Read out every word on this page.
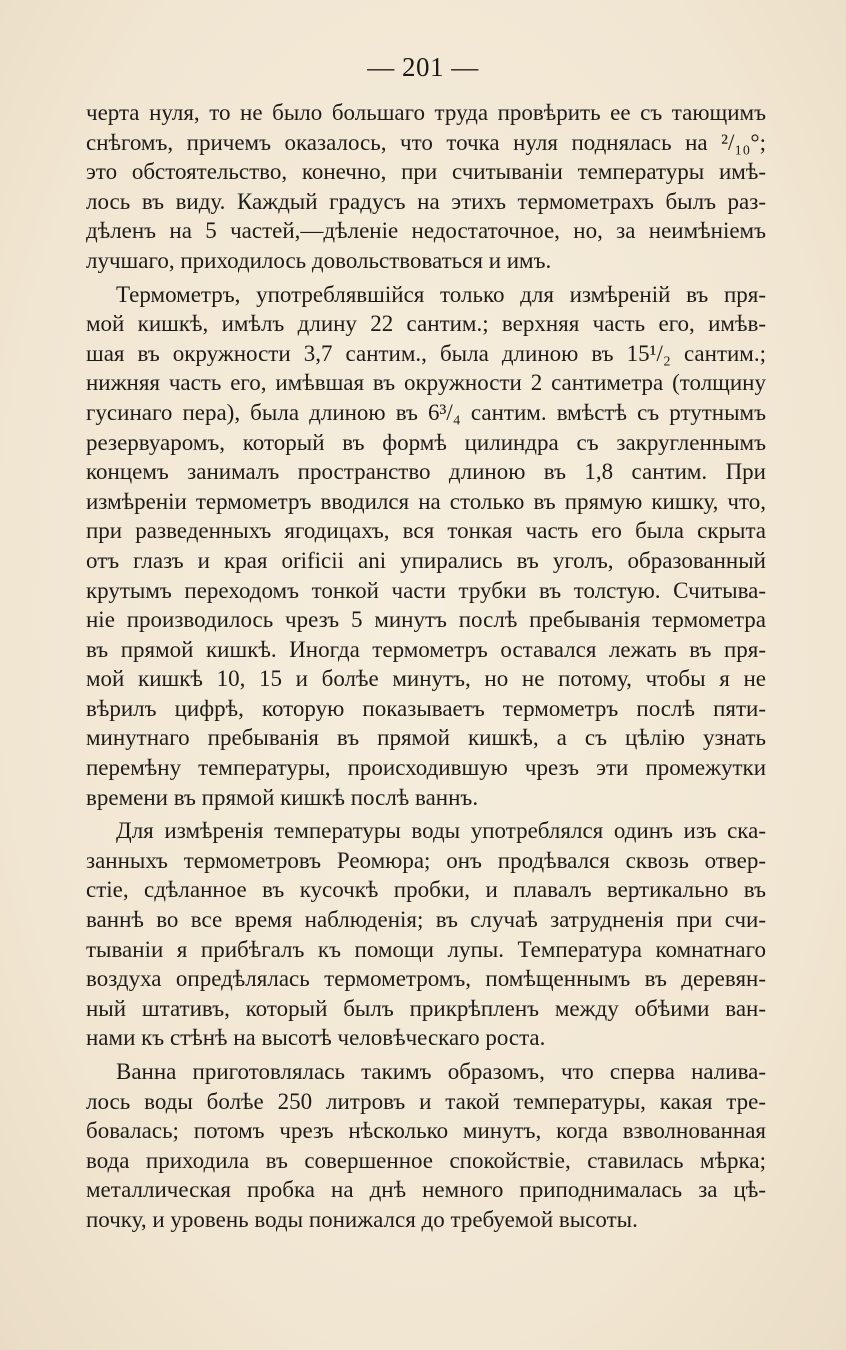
— 201 —
черта нуля, то не было большаго труда провѣрить ее съ тающимъ
снѣгомъ, причемъ оказалось, что точка нуля поднялась на ²/₁₀°;
это обстоятельство, конечно, при считываніи температуры имѣ-
лось въ виду. Каждый градусъ на этихъ термометрахъ былъ раз-
дѣленъ на 5 частей,—дѣленіе недостаточное, но, за неимѣніемъ
лучшаго, приходилось довольствоваться и имъ.
Термометръ, употреблявшійся только для измѣреній въ пря-
мой кишкѣ, имѣлъ длину 22 сантим.; верхняя часть его, имѣв-
шая въ окружности 3,7 сантим., была длиною въ 15¹/₂ сантим.;
нижняя часть его, имѣвшая въ окружности 2 сантиметра (толщину
гусинаго пера), была длиною въ 6³/₄ сантим. вмѣстѣ съ ртутнымъ
резервуаромъ, который въ формѣ цилиндра съ закругленнымъ
концемъ занималъ пространство длиною въ 1,8 сантим. При
измѣреніи термометръ вводился на столько въ прямую кишку, что,
при разведенныхъ ягодицахъ, вся тонкая часть его была скрыта
отъ глазъ и края orificii ani упирались въ уголъ, образованный
крутымъ переходомъ тонкой части трубки въ толстую. Считыва-
ніе производилось чрезъ 5 минутъ послѣ пребыванія термометра
въ прямой кишкѣ. Иногда термометръ оставался лежать въ пря-
мой кишкѣ 10, 15 и болѣе минутъ, но не потому, чтобы я не
вѣрилъ цифрѣ, которую показываетъ термометръ послѣ пяти-
минутнаго пребыванія въ прямой кишкѣ, а съ цѣлію узнать
перемѣну температуры, происходившую чрезъ эти промежутки
времени въ прямой кишкѣ послѣ ваннъ.
Для измѣренія температуры воды употреблялся одинъ изъ ска-
занныхъ термометровъ Реомюра; онъ продѣвался сквозь отвер-
стіе, сдѣланное въ кусочкѣ пробки, и плавалъ вертикально въ
ваннѣ во все время наблюденія; въ случаѣ затрудненія при счи-
тываніи я прибѣгалъ къ помощи лупы. Температура комнатнаго
воздуха опредѣлялась термометромъ, помѣщеннымъ въ деревян-
ный штативъ, который былъ прикрѣпленъ между обѣими ван-
нами къ стѣнѣ на высотѣ человѣческаго роста.
Ванна приготовлялась такимъ образомъ, что сперва налива-
лось воды болѣе 250 литровъ и такой температуры, какая тре-
бовалась; потомъ чрезъ нѣсколько минутъ, когда взволнованная
вода приходила въ совершенное спокойствіе, ставилась мѣрка;
металлическая пробка на днѣ немного приподнималась за цѣ-
почку, и уровень воды понижался до требуемой высоты.
